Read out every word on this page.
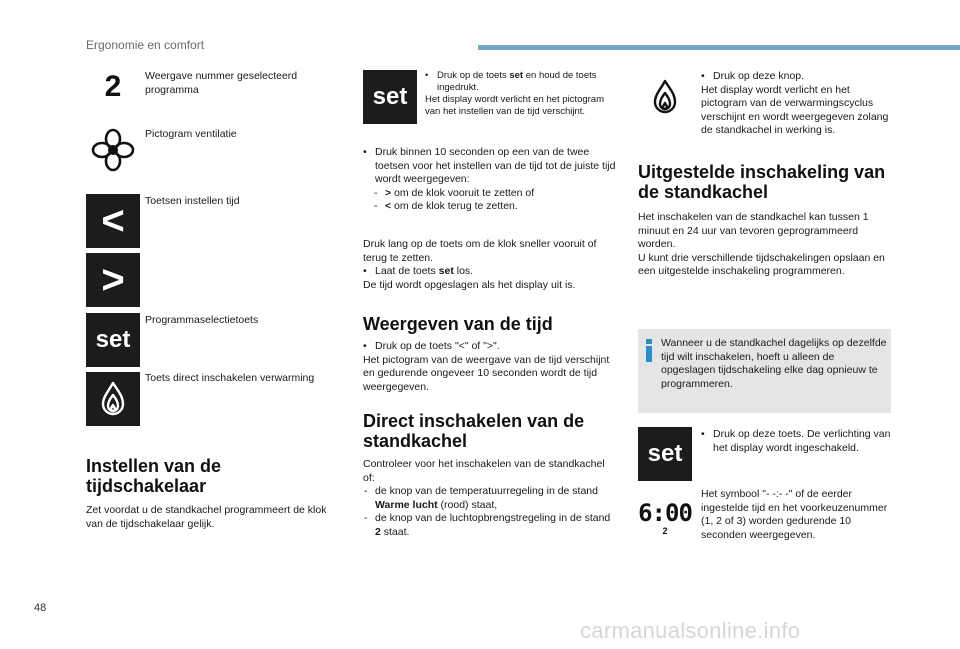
Ergonomie en comfort
2 Weergave nummer geselecteerd programma
Pictogram ventilatie
<
>
Toetsen instellen tijd
set
Programmaselectietoets
Toets direct inschakelen verwarming
Instellen van de tijdschakelaar
Zet voordat u de standkachel programmeert de klok van de tijdschakelaar gelijk.
set
• Druk op de toets set en houd de toets ingedrukt.
Het display wordt verlicht en het pictogram van het instellen van de tijd verschijnt.
• Druk binnen 10 seconden op een van de twee toetsen voor het instellen van de tijd tot de juiste tijd wordt weergegeven:
- > om de klok vooruit te zetten of
- < om de klok terug te zetten.
Druk lang op de toets om de klok sneller vooruit of terug te zetten.
• Laat de toets set los.
De tijd wordt opgeslagen als het display uit is.
Weergeven van de tijd
• Druk op de toets "<" of ">".
Het pictogram van de weergave van de tijd verschijnt en gedurende ongeveer 10 seconden wordt de tijd weergegeven.
Direct inschakelen van de standkachel
Controleer voor het inschakelen van de standkachel of:
- de knop van de temperatuurregeling in de stand Warme lucht (rood) staat,
- de knop van de luchtopbrengstregeling in de stand 2 staat.
• Druk op deze knop.
Het display wordt verlicht en het pictogram van de verwarmingscyclus verschijnt en wordt weergegeven zolang de standkachel in werking is.
Uitgestelde inschakeling van de standkachel
Het inschakelen van de standkachel kan tussen 1 minuut en 24 uur van tevoren geprogrammeerd worden.
U kunt drie verschillende tijdschakelingen opslaan en een uitgestelde inschakeling programmeren.
Wanneer u de standkachel dagelijks op dezelfde tijd wilt inschakelen, hoeft u alleen de opgeslagen tijdschakeling elke dag opnieuw te programmeren.
set
• Druk op deze toets. De verlichting van het display wordt ingeschakeld.
6:00
2
Het symbool "- -:- -" of de eerder ingestelde tijd en het voorkeuzenummer (1, 2 of 3) worden gedurende 10 seconden weergegeven.
48
carmanualsonline.info
